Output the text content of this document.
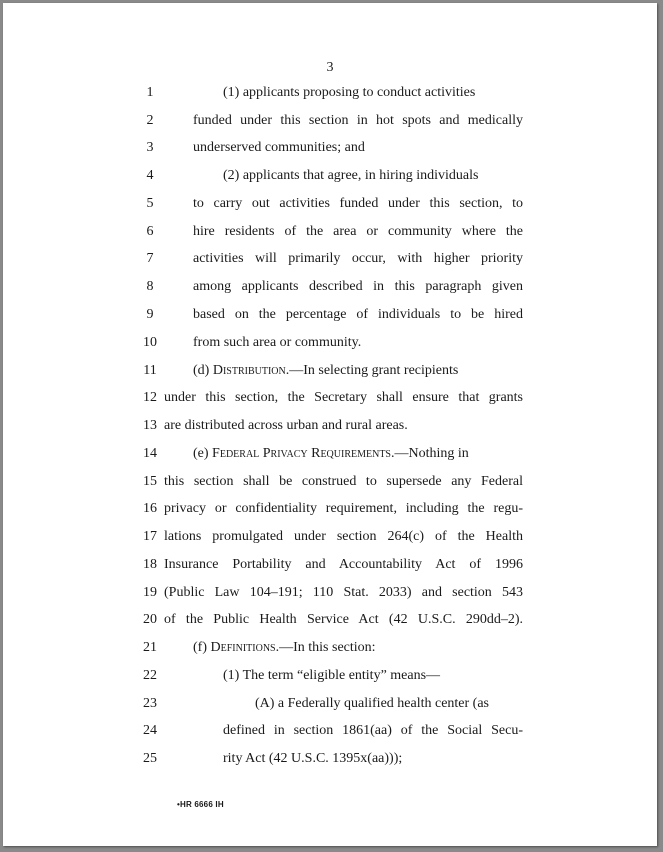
3
1
2
3
4
5
6
7
8
9
10
11
12
13
14
15
16
17
18
19
20
21
22
23
24
25
(1) applicants proposing to conduct activities
funded under this section in hot spots and medically
underserved communities; and
(2) applicants that agree, in hiring individuals
to carry out activities funded under this section, to
hire residents of the area or community where the
activities will primarily occur, with higher priority
among applicants described in this paragraph given
based on the percentage of individuals to be hired
from such area or community.
(d) Distribution.—In selecting grant recipients
under this section, the Secretary shall ensure that grants
are distributed across urban and rural areas.
(e) Federal Privacy Requirements.—Nothing in
this section shall be construed to supersede any Federal
privacy or confidentiality requirement, including the regu-
lations promulgated under section 264(c) of the Health
Insurance Portability and Accountability Act of 1996
(Public Law 104–191; 110 Stat. 2033) and section 543
of the Public Health Service Act (42 U.S.C. 290dd–2).
(f) Definitions.—In this section:
(1) The term “eligible entity” means—
(A) a Federally qualified health center (as
defined in section 1861(aa) of the Social Secu-
rity Act (42 U.S.C. 1395x(aa)));
•HR 6666 IH
